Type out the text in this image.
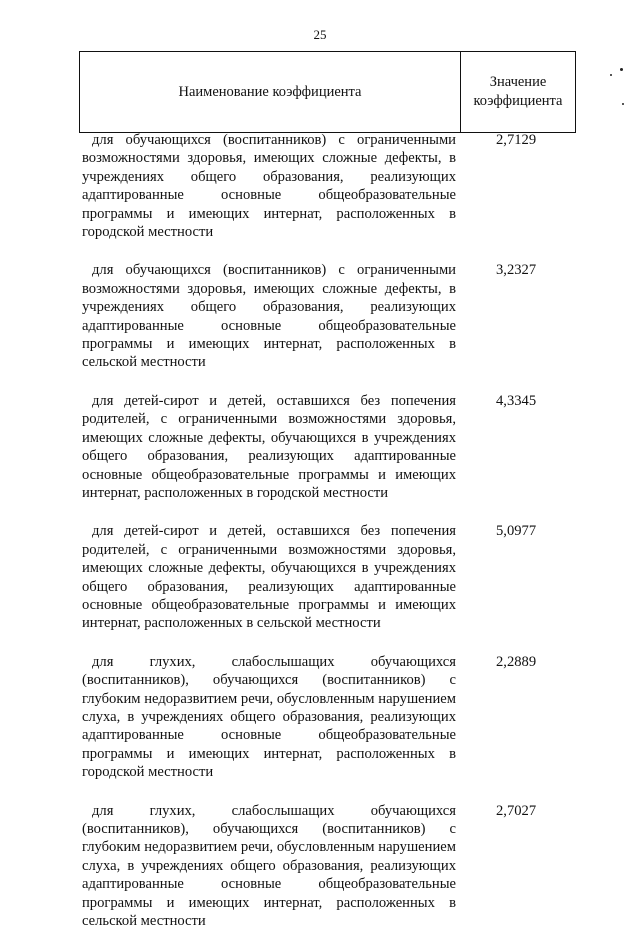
25
Наименование коэффициента
Значение коэффициента
для обучающихся (воспитанников) с ограниченными возможностями здоровья, имеющих сложные дефекты, в учреждениях общего образования, реализующих адаптированные основные общеобразовательные программы и имеющих интернат, расположенных в городской местности
2,7129
для обучающихся (воспитанников) с ограниченными возможностями здоровья, имеющих сложные дефекты, в учреждениях общего образования, реализующих адаптированные основные общеобразовательные программы и имеющих интернат, расположенных в сельской местности
3,2327
для детей-сирот и детей, оставшихся без попечения родителей, с ограниченными возможностями здоровья, имеющих сложные дефекты, обучающихся в учреждениях общего образования, реализующих адаптированные основные общеобразовательные программы и имеющих интернат, расположенных в городской местности
4,3345
для детей-сирот и детей, оставшихся без попечения родителей, с ограниченными возможностями здоровья, имеющих сложные дефекты, обучающихся в учреждениях общего образования, реализующих адаптированные основные общеобразовательные программы и имеющих интернат, расположенных в сельской местности
5,0977
для глухих, слабослышащих обучающихся (воспитанников), обучающихся (воспитанников) с глубоким недоразвитием речи, обусловленным нарушением слуха, в учреждениях общего образования, реализующих адаптированные основные общеобразовательные программы и имеющих интернат, расположенных в городской местности
2,2889
для глухих, слабослышащих обучающихся (воспитанников), обучающихся (воспитанников) с глубоким недоразвитием речи, обусловленным нарушением слуха, в учреждениях общего образования, реализующих адаптированные основные общеобразовательные программы и имеющих интернат, расположенных в сельской местности
2,7027
